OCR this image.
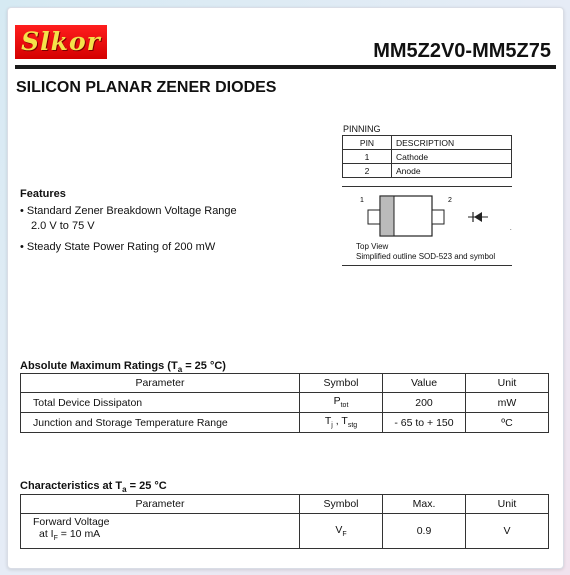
Slkor	MM5Z2V0-MM5Z75
SILICON PLANAR ZENER DIODES
PINNING
PIN	DESCRIPTION
1	Cathode
2	Anode
1	2
.
Top View
Simplified outline SOD-523 and symbol
Features
• Standard Zener Breakdown Voltage Range
2.0 V to 75 V
• Steady State Power Rating of 200 mW
Absolute Maximum Ratings ($T_a = 25$ °C)
Parameter	Symbol	Value	Unit
Total Device Dissipaton	$P_{tot}$	200	mW
Junction and Storage Temperature Range	$T_j$ , $T_{stg}$	- 65 to + 150	ºC
Characteristics at $T_a = 25$ °C
Parameter	Symbol	Max.	Unit

Forward Voltage
at $I_F = 10$ mA	$V_F$	0.9	V
